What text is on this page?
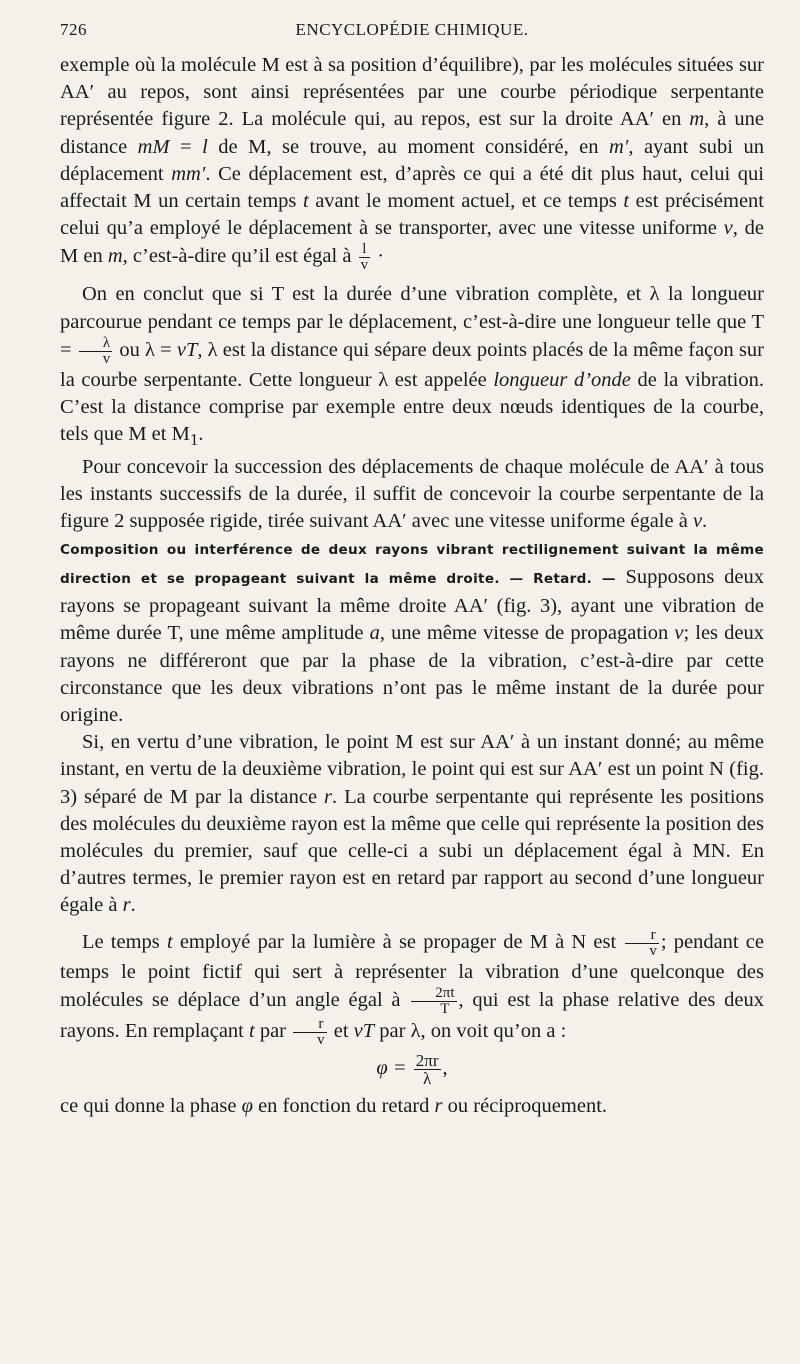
726	ENCYCLOPÉDIE CHIMIQUE.

exemple où la molécule M est à sa position d’équilibre), par les molécules situées sur AA′ au repos, sont ainsi représentées par une courbe périodique serpentante représentée figure 2. La molécule qui, au repos, est sur la droite AA′ en m, à une distance mM = l de M, se trouve, au moment considéré, en m′, ayant subi un déplacement mm′. Ce déplacement est, d’après ce qui a été dit plus haut, celui qui affectait M un certain temps t avant le moment actuel, et ce temps t est précisément celui qu’a employé le déplacement à se transporter, avec une vitesse uniforme v, de M en m, c’est-à-dire qu’il est égal à $\frac{l}{v}$ ·

On en conclut que si T est la durée d’une vibration complète, et λ la longueur parcourue pendant ce temps par le déplacement, c’est-à-dire une longueur telle que $T = \frac{\lambda}{v}$ ou λ = vT, λ est la distance qui sépare deux points placés de la même façon sur la courbe serpentante. Cette longueur λ est appelée longueur d’onde de la vibration. C’est la distance comprise par exemple entre deux nœuds identiques de la courbe, tels que M et $M_1$.

Pour concevoir la succession des déplacements de chaque molécule de AA′ à tous les instants successifs de la durée, il suffit de concevoir la courbe serpentante de la figure 2 supposée rigide, tirée suivant AA′ avec une vitesse uniforme égale à v.

Composition ou interférence de deux rayons vibrant rectilignement suivant la même direction et se propageant suivant la même droite. — Retard. — Supposons deux rayons se propageant suivant la même droite AA′ (fig. 3), ayant une vibration de même durée T, une même amplitude a, une même vitesse de propagation v; les deux rayons ne différeront que par la phase de la vibration, c’est-à-dire par cette circonstance que les deux vibrations n’ont pas le même instant de la durée pour origine.

Si, en vertu d’une vibration, le point M est sur AA′ à un instant donné; au même instant, en vertu de la deuxième vibration, le point qui est sur AA′ est un point N (fig. 3) séparé de M par la distance r. La courbe serpentante qui représente les positions des molécules du deuxième rayon est la même que celle qui représente la position des molécules du premier, sauf que celle-ci a subi un déplacement égal à MN. En d’autres termes, le premier rayon est en retard par rapport au second d’une longueur égale à r.

Le temps t employé par la lumière à se propager de M à N est $\frac{r}{v}$ ; pendant ce temps le point fictif qui sert à représenter la vibration d’une quelconque des molécules se déplace d’un angle égal à $\frac{2\pi t}{T}$ , qui est la phase relative des deux rayons. En remplaçant t par $\frac{r}{v}$ et vT par λ, on voit qu’on a :

$\varphi = \frac{2\pi r}{\lambda}$ ,

ce qui donne la phase φ en fonction du retard r ou réciproquement.
